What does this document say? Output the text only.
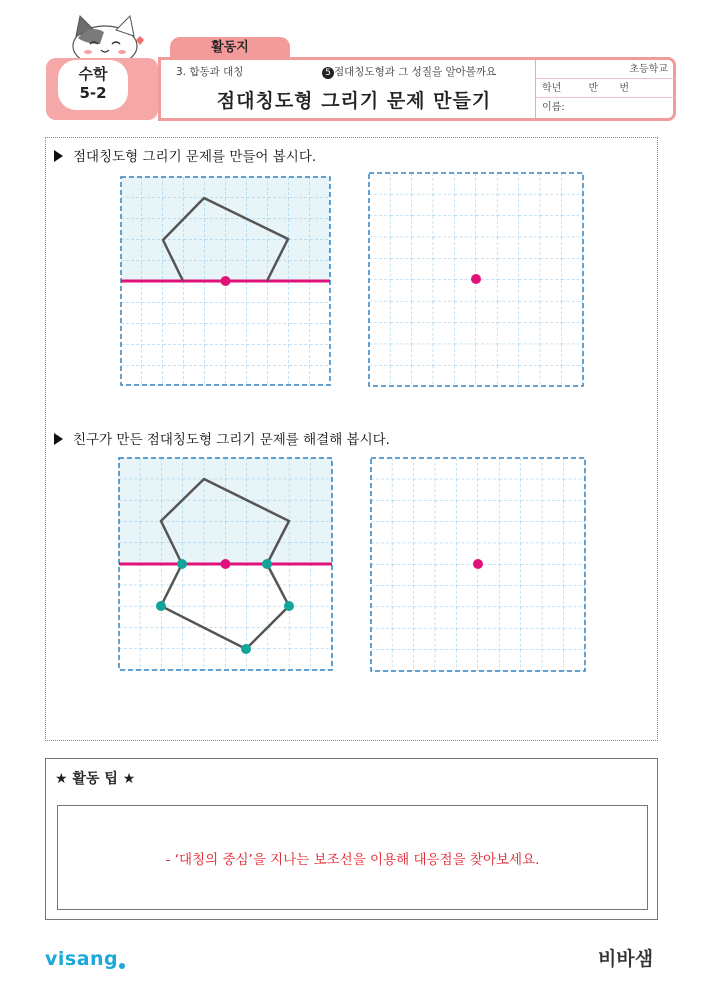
활동지
수학
5-2
3. 합동과 대칭	5 점대칭도형과 그 성질을 알아볼까요
점대칭도형 그리기 문제 만들기
초등학교
학년	반 번
이름:
점대칭도형 그리기 문제를 만들어 봅시다.
친구가 만든 점대칭도형 그리기 문제를 해결해 봅시다.
★ 활동 팁 ★
- ‘대칭의 중심’을 지나는 보조선을 이용해 대응점을 찾아보세요.
visang	비바샘
